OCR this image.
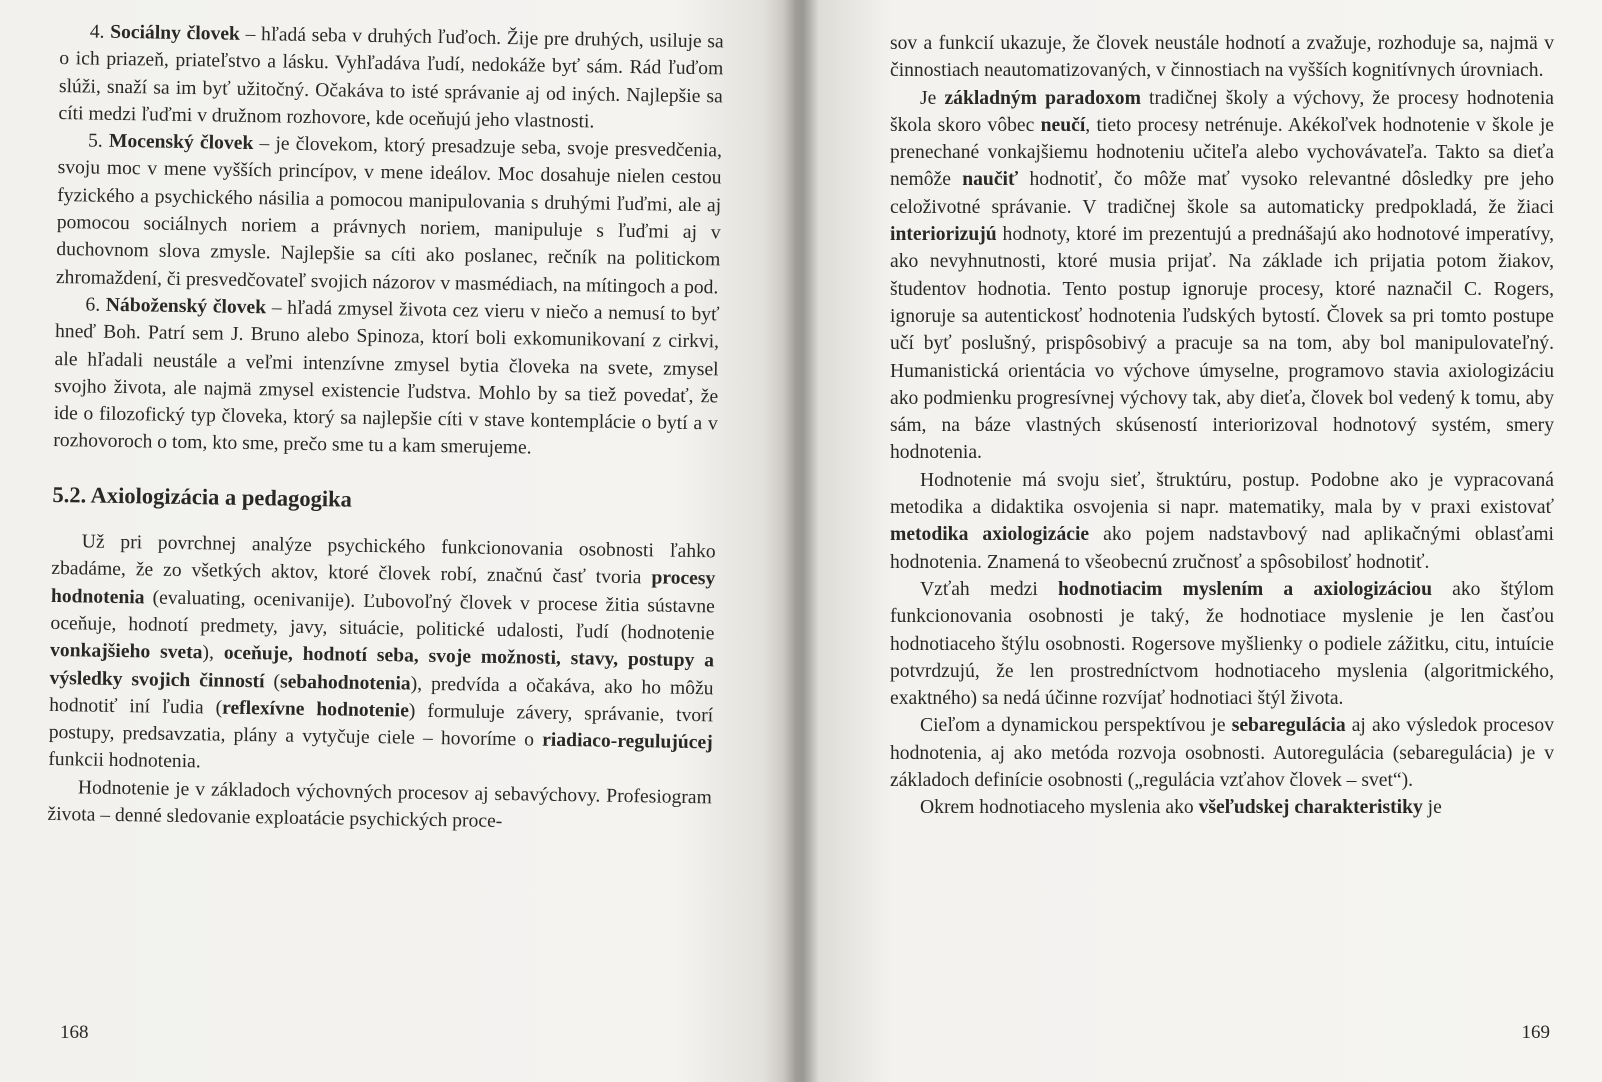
4. Sociálny človek – hľadá seba v druhých ľuďoch. Žije pre druhých, usiluje sa o ich priazeň, priateľstvo a lásku. Vyhľadáva ľudí, nedokáže byť sám. Rád ľuďom slúži, snaží sa im byť užitočný. Očakáva to isté správanie aj od iných. Najlepšie sa cíti medzi ľuďmi v družnom rozhovore, kde oceňujú jeho vlastnosti.

5. Mocenský človek – je človekom, ktorý presadzuje seba, svoje presvedčenia, svoju moc v mene vyšších princípov, v mene ideálov. Moc dosahuje nielen cestou fyzického a psychického násilia a pomocou manipulovania s druhými ľuďmi, ale aj pomocou sociálnych noriem a právnych noriem, manipuluje s ľuďmi aj v duchovnom slova zmysle. Najlepšie sa cíti ako poslanec, rečník na politickom zhromaždení, či presvedčovateľ svojich názorov v masmédiach, na mítingoch a pod.

6. Náboženský človek – hľadá zmysel života cez vieru v niečo a nemusí to byť hneď Boh. Patrí sem J. Bruno alebo Spinoza, ktorí boli exkomunikovaní z cirkvi, ale hľadali neustále a veľmi intenzívne zmysel bytia človeka na svete, zmysel svojho života, ale najmä zmysel existencie ľudstva. Mohlo by sa tiež povedať, že ide o filozofický typ človeka, ktorý sa najlepšie cíti v stave kontemplácie o bytí a v rozhovoroch o tom, kto sme, prečo sme tu a kam smerujeme.

5.2. Axiologizácia a pedagogika

Už pri povrchnej analýze psychického funkcionovania osobnosti ľahko zbadáme, že zo všetkých aktov, ktoré človek robí, značnú časť tvoria procesy hodnotenia (evaluating, ocenivanije). Ľubovoľný človek v procese žitia sústavne oceňuje, hodnotí predmety, javy, situácie, politické udalosti, ľudí (hodnotenie vonkajšieho sveta), oceňuje, hodnotí seba, svoje možnosti, stavy, postupy a výsledky svojich činností (sebahodnotenia), predvída a očakáva, ako ho môžu hodnotiť iní ľudia (reflexívne hodnotenie) formuluje závery, správanie, tvorí postupy, predsavzatia, plány a vytyčuje ciele – hovoríme o riadiaco-regulujúcej funkcii hodnotenia.

Hodnotenie je v základoch výchovných procesov aj sebavýchovy. Profesiogram života – denné sledovanie exploatácie psychických proce-

168

sov a funkcií ukazuje, že človek neustále hodnotí a zvažuje, rozhoduje sa, najmä v činnostiach neautomatizovaných, v činnostiach na vyšších kognitívnych úrovniach.

Je základným paradoxom tradičnej školy a výchovy, že procesy hodnotenia škola skoro vôbec neučí, tieto procesy netrénuje. Akékoľvek hodnotenie v škole je prenechané vonkajšiemu hodnoteniu učiteľa alebo vychovávateľa. Takto sa dieťa nemôže naučiť hodnotiť, čo môže mať vysoko relevantné dôsledky pre jeho celoživotné správanie. V tradičnej škole sa automaticky predpokladá, že žiaci interiorizujú hodnoty, ktoré im prezentujú a prednášajú ako hodnotové imperatívy, ako nevyhnutnosti, ktoré musia prijať. Na základe ich prijatia potom žiakov, študentov hodnotia. Tento postup ignoruje procesy, ktoré naznačil C. Rogers, ignoruje sa autentickosť hodnotenia ľudských bytostí. Človek sa pri tomto postupe učí byť poslušný, prispôsobivý a pracuje sa na tom, aby bol manipulovateľný. Humanistická orientácia vo výchove úmyselne, programovo stavia axiologizáciu ako podmienku progresívnej výchovy tak, aby dieťa, človek bol vedený k tomu, aby sám, na báze vlastných skúseností interiorizoval hodnotový systém, smery hodnotenia.

Hodnotenie má svoju sieť, štruktúru, postup. Podobne ako je vypracovaná metodika a didaktika osvojenia si napr. matematiky, mala by v praxi existovať metodika axiologizácie ako pojem nadstavbový nad aplikačnými oblasťami hodnotenia. Znamená to všeobecnú zručnosť a spôsobilosť hodnotiť.

Vzťah medzi hodnotiacim myslením a axiologizáciou ako štýlom funkcionovania osobnosti je taký, že hodnotiace myslenie je len časťou hodnotiaceho štýlu osobnosti. Rogersove myšlienky o podiele zážitku, citu, intuície potvrdzujú, že len prostredníctvom hodnotiaceho myslenia (algoritmického, exaktného) sa nedá účinne rozvíjať hodnotiaci štýl života.

Cieľom a dynamickou perspektívou je sebaregulácia aj ako výsledok procesov hodnotenia, aj ako metóda rozvoja osobnosti. Autoregulácia (sebaregulácia) je v základoch definície osobnosti („regulácia vzťahov človek – svet“).

Okrem hodnotiaceho myslenia ako všeľudskej charakteristiky je

169
